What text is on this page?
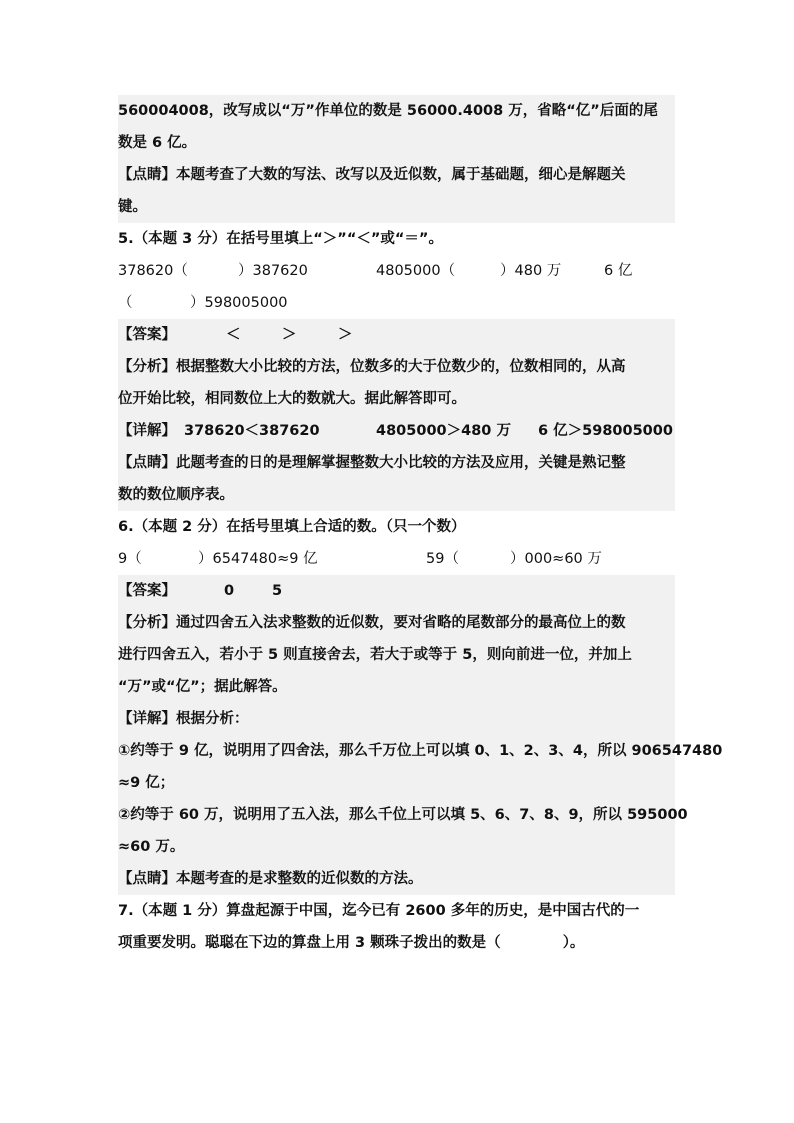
560004008，改写成以“万”作单位的数是 56000.4008 万，省略“亿”后面的尾
数是 6 亿。
【点睛】本题考查了大数的写法、改写以及近似数，属于基础题，细心是解题关
键。
5.（本题 3 分）在括号里填上“＞”“＜”或“＝”。
378620（	）387620	4805000（	）480 万	6 亿
（	）598005000
【答案】	＜	＞	＞
【分析】根据整数大小比较的方法，位数多的大于位数少的，位数相同的，从高
位开始比较，相同数位上大的数就大。据此解答即可。
【详解】 378620＜387620	4805000＞480 万 6 亿＞598005000
【点睛】此题考查的日的是理解掌握整数大小比较的方法及应用，关键是熟记整
数的数位顺序表。
6.（本题 2 分）在括号里填上合适的数。（只一个数）
9（	）6547480≈9 亿	59（	）000≈60 万
【答案】	0	5
【分析】通过四舍五入法求整数的近似数，要对省略的尾数部分的最高位上的数
进行四舍五入，若小于 5 则直接舍去，若大于或等于 5，则向前进一位，并加上
“万”或“亿”；据此解答。
【详解】根据分析：
①约等于 9 亿，说明用了四舍法，那么千万位上可以填 0、1、2、3、4，所以 906547480
≈9 亿；
②约等于 60 万，说明用了五入法，那么千位上可以填 5、6、7、8、9，所以 595000
≈60 万。
【点睛】本题考查的是求整数的近似数的方法。
7.（本题 1 分）算盘起源于中国，迄今已有 2600 多年的历史，是中国古代的一
项重要发明。聪聪在下边的算盘上用 3 颗珠子拨出的数是（	）。
